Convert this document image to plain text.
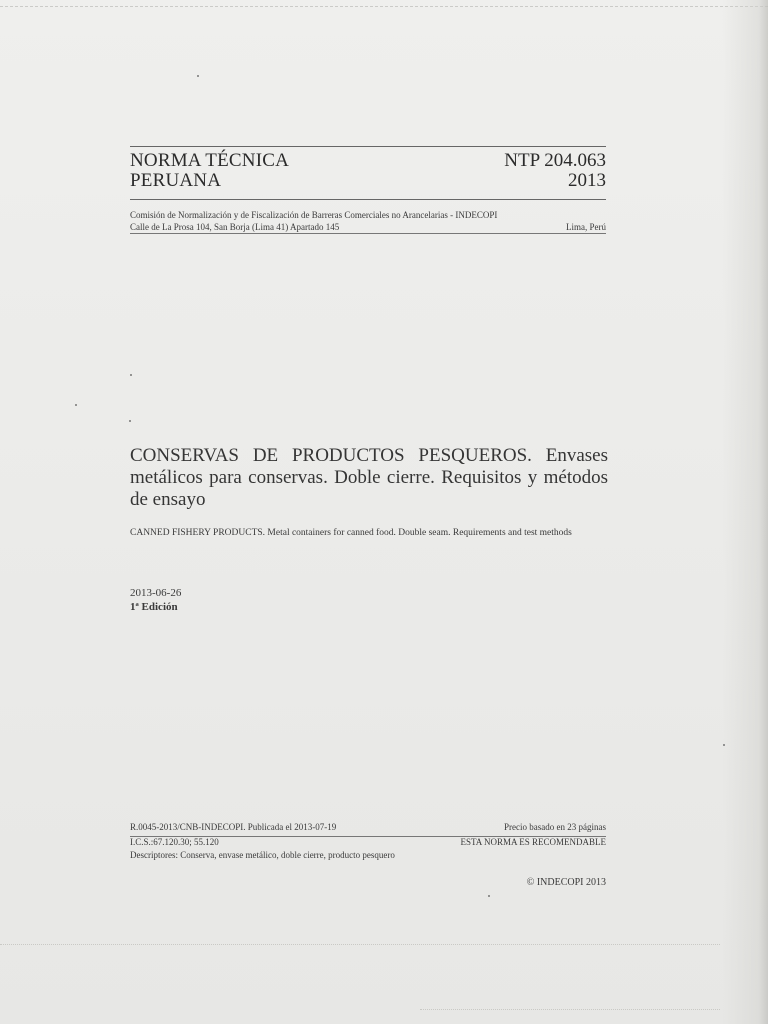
NORMA TÉCNICA
PERUANA
NTP 204.063
2013
Comisión de Normalización y de Fiscalización de Barreras Comerciales no Arancelarias - INDECOPI
Calle de La Prosa 104, San Borja (Lima 41) Apartado 145	Lima, Perú
CONSERVAS DE PRODUCTOS PESQUEROS. Envases metálicos para conservas. Doble cierre. Requisitos y métodos de ensayo
CANNED FISHERY PRODUCTS. Metal containers for canned food. Double seam. Requirements and test methods
2013-06-26
1ª Edición
R.0045-2013/CNB-INDECOPI. Publicada el 2013-07-19	Precio basado en 23 páginas
I.C.S.:67.120.30; 55.120	ESTA NORMA ES RECOMENDABLE
Descriptores: Conserva, envase metálico, doble cierre, producto pesquero
© INDECOPI 2013
